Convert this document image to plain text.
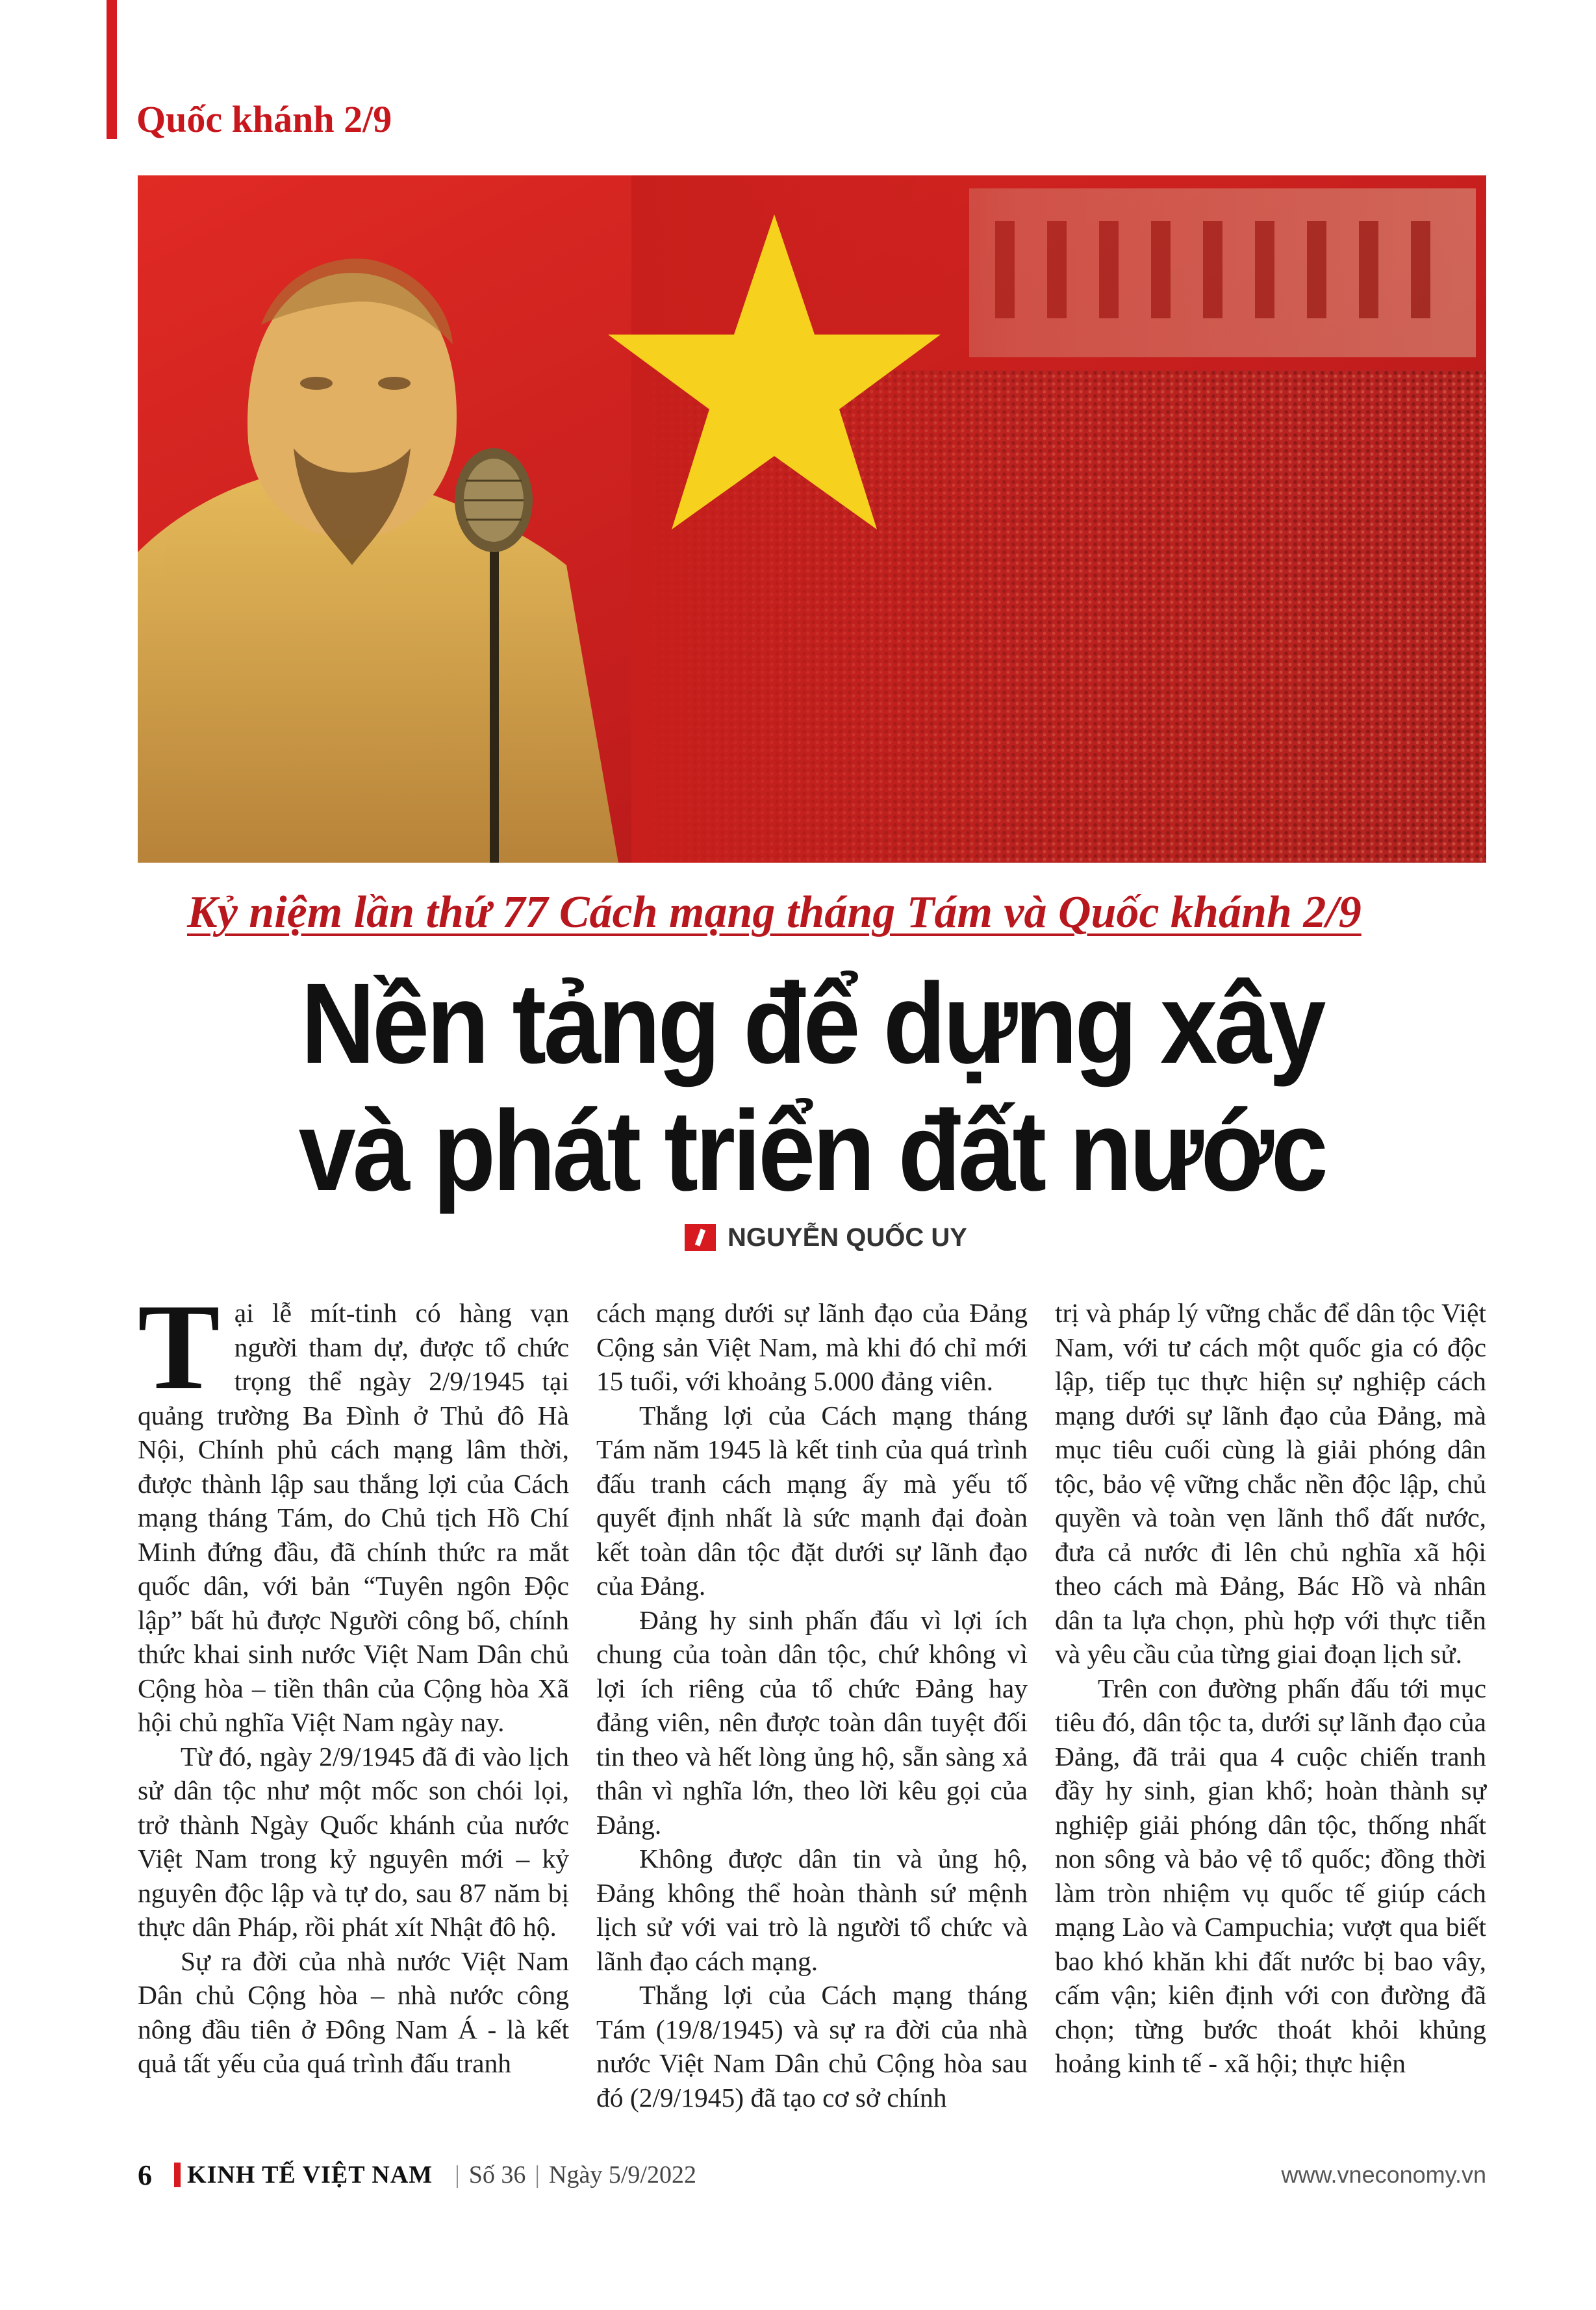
Quốc khánh 2/9
Kỷ niệm lần thứ 77 Cách mạng tháng Tám và Quốc khánh 2/9
Nền tảng để dựng xây
và phát triển đất nước
NGUYỄN QUỐC UY

Tại lễ mít-tinh có hàng vạn người tham dự, được tổ chức trọng thể ngày 2/9/1945 tại quảng trường Ba Đình ở Thủ đô Hà Nội, Chính phủ cách mạng lâm thời, được thành lập sau thắng lợi của Cách mạng tháng Tám, do Chủ tịch Hồ Chí Minh đứng đầu, đã chính thức ra mắt quốc dân, với bản “Tuyên ngôn Độc lập” bất hủ được Người công bố, chính thức khai sinh nước Việt Nam Dân chủ Cộng hòa – tiền thân của Cộng hòa Xã hội chủ nghĩa Việt Nam ngày nay.

Từ đó, ngày 2/9/1945 đã đi vào lịch sử dân tộc như một mốc son chói lọi, trở thành Ngày Quốc khánh của nước Việt Nam trong kỷ nguyên mới – kỷ nguyên độc lập và tự do, sau 87 năm bị thực dân Pháp, rồi phát xít Nhật đô hộ.

Sự ra đời của nhà nước Việt Nam Dân chủ Cộng hòa – nhà nước công nông đầu tiên ở Đông Nam Á - là kết quả tất yếu của quá trình đấu tranh

cách mạng dưới sự lãnh đạo của Đảng Cộng sản Việt Nam, mà khi đó chỉ mới 15 tuổi, với khoảng 5.000 đảng viên.

Thắng lợi của Cách mạng tháng Tám năm 1945 là kết tinh của quá trình đấu tranh cách mạng ấy mà yếu tố quyết định nhất là sức mạnh đại đoàn kết toàn dân tộc đặt dưới sự lãnh đạo của Đảng.

Đảng hy sinh phấn đấu vì lợi ích chung của toàn dân tộc, chứ không vì lợi ích riêng của tổ chức Đảng hay đảng viên, nên được toàn dân tuyệt đối tin theo và hết lòng ủng hộ, sẵn sàng xả thân vì nghĩa lớn, theo lời kêu gọi của Đảng.

Không được dân tin và ủng hộ, Đảng không thể hoàn thành sứ mệnh lịch sử với vai trò là người tổ chức và lãnh đạo cách mạng.

Thắng lợi của Cách mạng tháng Tám (19/8/1945) và sự ra đời của nhà nước Việt Nam Dân chủ Cộng hòa sau đó (2/9/1945) đã tạo cơ sở chính

trị và pháp lý vững chắc để dân tộc Việt Nam, với tư cách một quốc gia có độc lập, tiếp tục thực hiện sự nghiệp cách mạng dưới sự lãnh đạo của Đảng, mà mục tiêu cuối cùng là giải phóng dân tộc, bảo vệ vững chắc nền độc lập, chủ quyền và toàn vẹn lãnh thổ đất nước, đưa cả nước đi lên chủ nghĩa xã hội theo cách mà Đảng, Bác Hồ và nhân dân ta lựa chọn, phù hợp với thực tiễn và yêu cầu của từng giai đoạn lịch sử.

Trên con đường phấn đấu tới mục tiêu đó, dân tộc ta, dưới sự lãnh đạo của Đảng, đã trải qua 4 cuộc chiến tranh đầy hy sinh, gian khổ; hoàn thành sự nghiệp giải phóng dân tộc, thống nhất non sông và bảo vệ tổ quốc; đồng thời làm tròn nhiệm vụ quốc tế giúp cách mạng Lào và Campuchia; vượt qua biết bao khó khăn khi đất nước bị bao vây, cấm vận; kiên định với con đường đã chọn; từng bước thoát khỏi khủng hoảng kinh tế - xã hội; thực hiện

6 KINH TẾ VIỆT NAM | Số 36 | Ngày 5/9/2022	www.vneconomy.vn
